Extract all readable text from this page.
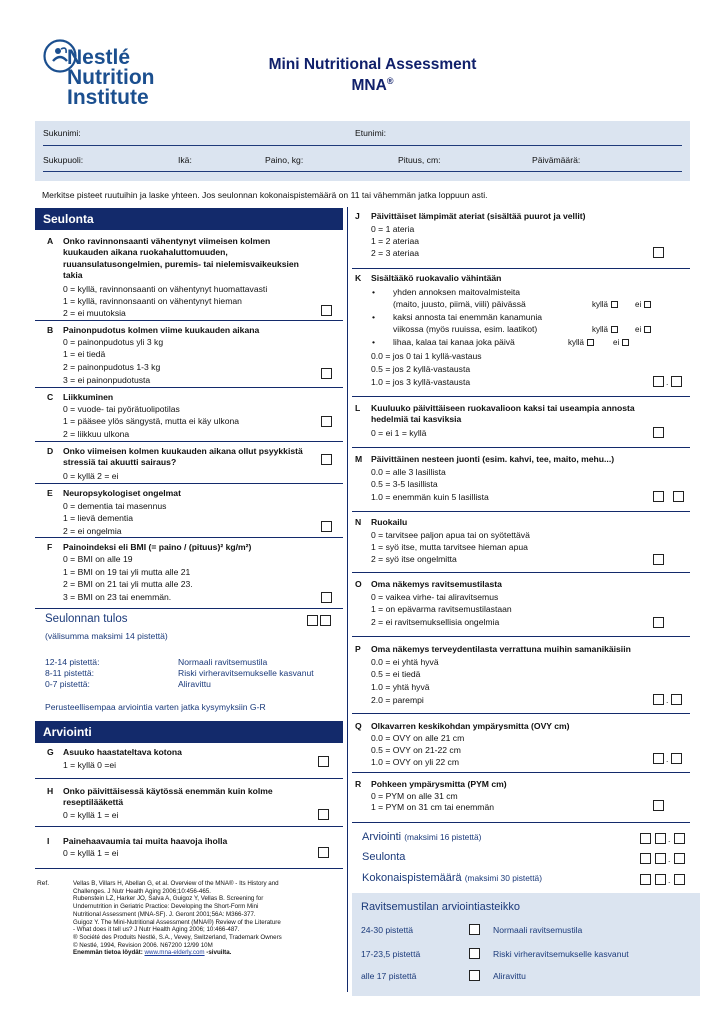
Nestlé
Nutrition
Institute
Mini Nutritional Assessment
MNA®
Sukunimi:	Etunimi:
Sukupuoli:	Ikä:	Paino, kg:	Pituus, cm:	Päivämäärä:
Merkitse pisteet ruutuihin ja laske yhteen. Jos seulonnan kokonaispistemäärä on 11 tai vähemmän jatka loppuun asti.
Seulonta
A Onko ravinnonsaanti vähentynyt viimeisen kolmen kuukauden aikana ruokahaluttomuuden, ruuansulatusongelmien, puremis- tai nielemisvaikeuksien takia
0 = kyllä, ravinnonsaanti on vähentynyt huomattavasti
1 = kyllä, ravinnonsaanti on vähentynyt hieman
2 = ei muutoksia
B Painonpudotus kolmen viime kuukauden aikana
0 = painonpudotus yli 3 kg
1 = ei tiedä
2 = painonpudotus 1-3 kg
3 = ei painonpudotusta
C Liikkuminen
0 = vuode- tai pyörätuolipotilas
1 = pääsee ylös sängystä, mutta ei käy ulkona
2 = liikkuu ulkona
D Onko viimeisen kolmen kuukauden aikana ollut psyykkistä stressiä tai akuutti sairaus?
0 = kyllä 2 = ei
E Neuropsykologiset ongelmat
0 = dementia tai masennus
1 = lievä dementia
2 = ei ongelmia
F Painoindeksi eli BMI (= paino / (pituus)² kg/m²)
0 = BMI on alle 19
1 = BMI on 19 tai yli mutta alle 21
2 = BMI on 21 tai yli mutta alle 23.
3 = BMI on 23 tai enemmän.
Seulonnan tulos
(välisumma maksimi 14 pistettä)
12-14 pistettä:	Normaali ravitsemustila
8-11 pistettä:	Riski virheravitsemukselle kasvanut
0-7 pistettä:	Aliravittu
Perusteellisempaa arviointia varten jatka kysymyksiin G-R
Arviointi
G Asuuko haastateltava kotona
1 = kyllä 0 =ei
H Onko päivittäisessä käytössä enemmän kuin kolme reseptilääkettä
0 = kyllä 1 = ei
I Painehaavaumia tai muita haavoja iholla
0 = kyllä 1 = ei
Ref.	Vellas B, Villars H, Abellan G, et al. Overview of the MNA® - Its History and
Challenges. J Nutr Health Aging 2006;10:456-465.
Rubenstein LZ, Harker JO, Salva A, Guigoz Y, Vellas B. Screening for
Undernutrition in Geriatric Practice: Developing the Short-Form Mini
Nutritional Assessment (MNA-SF). J. Geront 2001;56A: M366-377.
Guigoz Y. The Mini-Nutritional Assessment (MNA®) Review of the Literature
- What does it tell us? J Nutr Health Aging 2006; 10:466-487.
® Société des Produits Nestlé, S.A., Vevey, Switzerland, Trademark Owners
© Nestlé, 1994, Revision 2006. N67200 12/99 10M
Enemmän tietoa löydät: www.mna-elderly.com -sivuilta.
J Päivittäiset lämpimät ateriat (sisältää puurot ja vellit)
0 = 1 ateria
1 = 2 ateriaa
2 = 3 ateriaa
K Sisältääkö ruokavalio vähintään
•	yhden annoksen maitovalmisteita
(maito, juusto, piimä, viili) päivässä	kyllä	ei
•	kaksi annosta tai enemmän kanamunia
viikossa (myös ruuissa, esim. laatikot)	kyllä	ei
•	lihaa, kalaa tai kanaa joka päivä	kyllä	ei
0.0 = jos 0 tai 1 kyllä-vastaus
0.5 = jos 2 kyllä-vastausta
1.0 = jos 3 kyllä-vastausta	.
L Kuuluuko päivittäiseen ruokavalioon kaksi tai useampia annosta hedelmiä tai kasviksia
0 = ei 1 = kyllä
M Päivittäinen nesteen juonti (esim. kahvi, tee, maito, mehu...)
0.0 = alle 3 lasillista
0.5 = 3-5 lasillista
1.0 = enemmän kuin 5 lasillista
N Ruokailu
0 = tarvitsee paljon apua tai on syötettävä
1 = syö itse, mutta tarvitsee hieman apua
2 = syö itse ongelmitta
O Oma näkemys ravitsemustilasta
0 = vaikea virhe- tai aliravitsemus
1 = on epävarma ravitsemustilastaan
2 = ei ravitsemuksellisia ongelmia
P Oma näkemys terveydentilasta verrattuna muihin samanikäisiin
0.0 = ei yhtä hyvä
0.5 = ei tiedä
1.0 = yhtä hyvä
2.0 = parempi	.
Q Olkavarren keskikohdan ympärysmitta (OVY cm)
0.0 = OVY on alle 21 cm
0.5 = OVY on 21-22 cm
1.0 = OVY on yli 22 cm	.
R Pohkeen ympärysmitta (PYM cm)
0 = PYM on alle 31 cm
1 = PYM on 31 cm tai enemmän
Arviointi (maksimi 16 pistettä)	.
Seulonta	.
Kokonaispistemäärä (maksimi 30 pistettä)	.
Ravitsemustilan arviointiasteikko
24-30 pistettä	Normaali ravitsemustila
17-23,5 pistettä	Riski virheravitsemukselle kasvanut
alle 17 pistettä	Aliravittu
